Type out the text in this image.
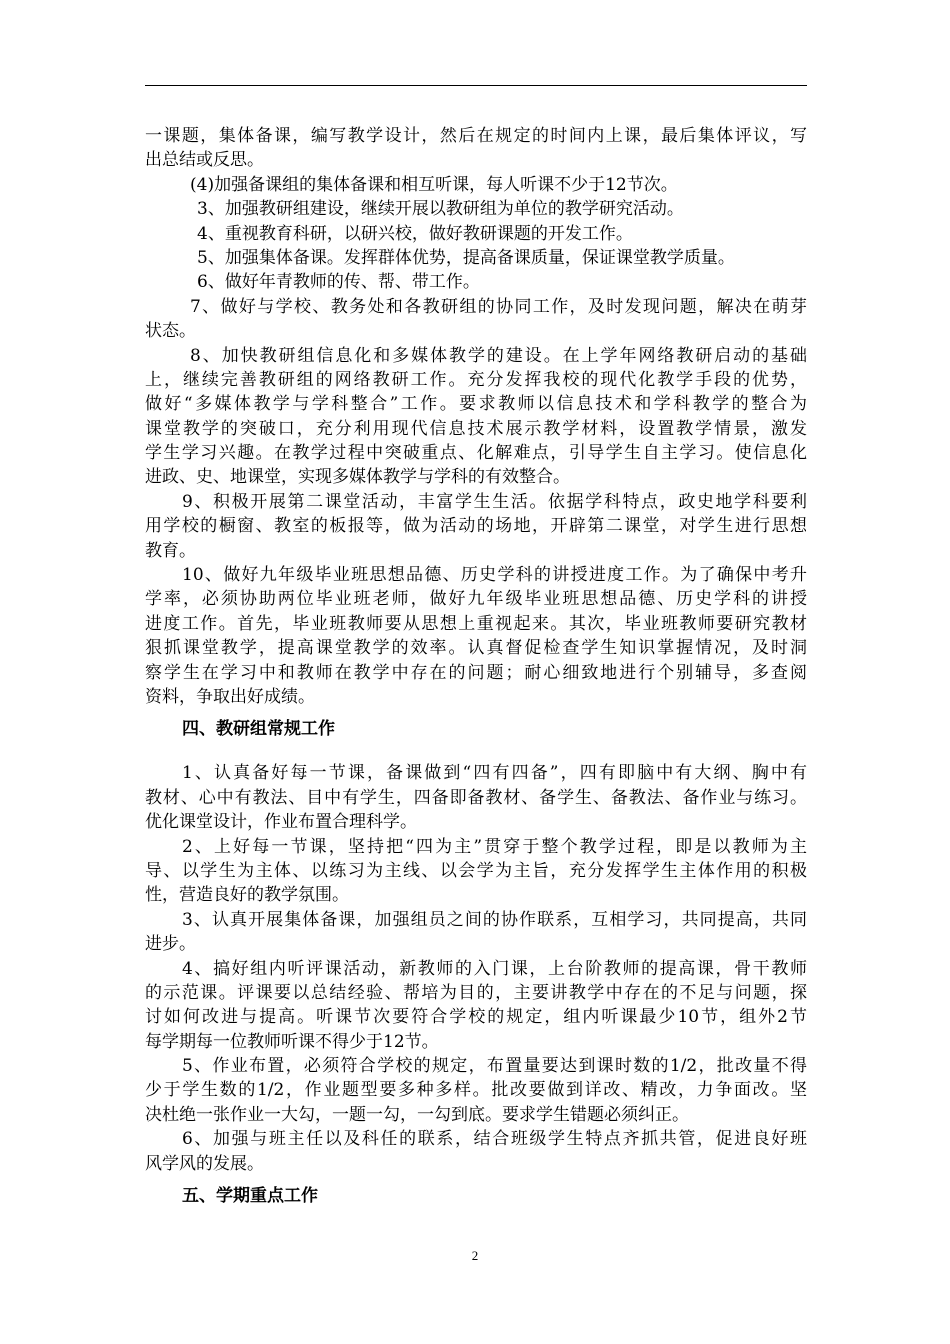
一课题，集体备课，编写教学设计，然后在规定的时间内上课，最后集体评议，写
出总结或反思。
(4)加强备课组的集体备课和相互听课，每人听课不少于12节次。
3、加强教研组建设，继续开展以教研组为单位的教学研究活动。
4、重视教育科研，以研兴校，做好教研课题的开发工作。
5、加强集体备课。发挥群体优势，提高备课质量，保证课堂教学质量。
6、做好年青教师的传、帮、带工作。
7、做好与学校、教务处和各教研组的协同工作，及时发现问题，解决在萌芽
状态。
8、加快教研组信息化和多媒体教学的建设。在上学年网络教研启动的基础
上，继续完善教研组的网络教研工作。充分发挥我校的现代化教学手段的优势，
做好“多媒体教学与学科整合”工作。要求教师以信息技术和学科教学的整合为
课堂教学的突破口，充分利用现代信息技术展示教学材料，设置教学情景，激发
学生学习兴趣。在教学过程中突破重点、化解难点，引导学生自主学习。使信息化
进政、史、地课堂，实现多媒体教学与学科的有效整合。
9、积极开展第二课堂活动，丰富学生生活。依据学科特点，政史地学科要利
用学校的橱窗、教室的板报等，做为活动的场地，开辟第二课堂，对学生进行思想
教育。
10、做好九年级毕业班思想品德、历史学科的讲授进度工作。为了确保中考升
学率，必须协助两位毕业班老师，做好九年级毕业班思想品德、历史学科的讲授
进度工作。首先，毕业班教师要从思想上重视起来。其次，毕业班教师要研究教材
狠抓课堂教学，提高课堂教学的效率。认真督促检查学生知识掌握情况，及时洞
察学生在学习中和教师在教学中存在的问题；耐心细致地进行个别辅导，多查阅
资料，争取出好成绩。
四、教研组常规工作
1、认真备好每一节课，备课做到“四有四备”，四有即脑中有大纲、胸中有
教材、心中有教法、目中有学生，四备即备教材、备学生、备教法、备作业与练习。
优化课堂设计，作业布置合理科学。
2、上好每一节课，坚持把“四为主”贯穿于整个教学过程，即是以教师为主
导、以学生为主体、以练习为主线、以会学为主旨，充分发挥学生主体作用的积极
性，营造良好的教学氛围。
3、认真开展集体备课，加强组员之间的协作联系，互相学习，共同提高，共同
进步。
4、搞好组内听评课活动，新教师的入门课，上台阶教师的提高课，骨干教师
的示范课。评课要以总结经验、帮培为目的，主要讲教学中存在的不足与问题，探
讨如何改进与提高。听课节次要符合学校的规定，组内听课最少10节，组外2节
每学期每一位教师听课不得少于12节。
5、作业布置，必须符合学校的规定，布置量要达到课时数的1/2，批改量不得
少于学生数的1/2，作业题型要多种多样。批改要做到详改、精改，力争面改。坚
决杜绝一张作业一大勾，一题一勾，一勾到底。要求学生错题必须纠正。
6、加强与班主任以及科任的联系，结合班级学生特点齐抓共管，促进良好班
风学风的发展。
五、学期重点工作
2
